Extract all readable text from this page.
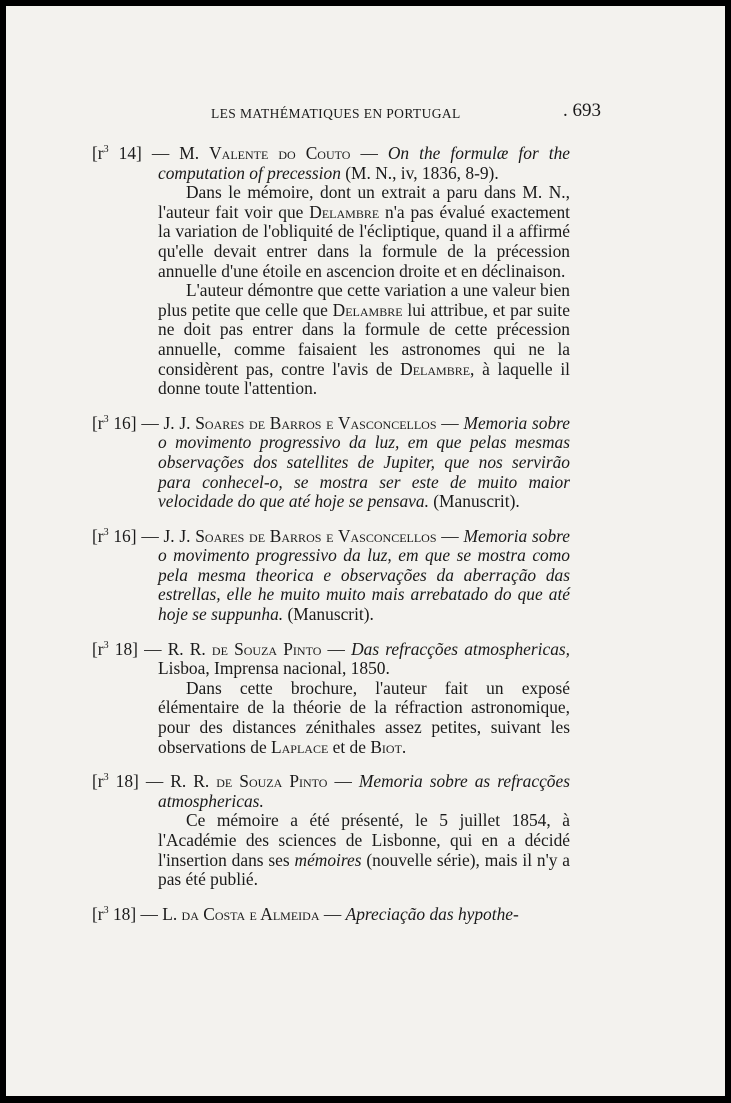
LES MATHÉMATIQUES EN PORTUGAL	. 693
[$r^3$ 14] — M. Valente do Couto — On the formulæ for the computation of precession (M. N., iv, 1836, 8-9).
Dans le mémoire, dont un extrait a paru dans M. N., l'auteur fait voir que Delambre n'a pas évalué exactement la variation de l'obliquité de l'écliptique, quand il a affirmé qu'elle devait entrer dans la formule de la précession annuelle d'une étoile en ascencion droite et en déclinaison.
L'auteur démontre que cette variation a une valeur bien plus petite que celle que Delambre lui attribue, et par suite ne doit pas entrer dans la formule de cette précession annuelle, comme faisaient les astronomes qui ne la considèrent pas, contre l'avis de Delambre, à laquelle il donne toute l'attention.
[$r^3$ 16] — J. J. Soares de Barros e Vasconcellos — Memoria sobre o movimento progressivo da luz, em que pelas mesmas observações dos satellites de Jupiter, que nos servirão para conhecel-o, se mostra ser este de muito maior velocidade do que até hoje se pensava. (Manuscrit).
[$r^3$ 16] — J. J. Soares de Barros e Vasconcellos — Memoria sobre o movimento progressivo da luz, em que se mostra como pela mesma theorica e observações da aberração das estrellas, elle he muito muito mais arrebatado do que até hoje se suppunha. (Manuscrit).
[$r^3$ 18] — R. R. de Souza Pinto — Das refracções atmosphericas, Lisboa, Imprensa nacional, 1850.
Dans cette brochure, l'auteur fait un exposé élémentaire de la théorie de la réfraction astronomique, pour des distances zénithales assez petites, suivant les observations de Laplace et de Biot.
[$r^3$ 18] — R. R. de Souza Pinto — Memoria sobre as refracções atmosphericas.
Ce mémoire a été présenté, le 5 juillet 1854, à l'Académie des sciences de Lisbonne, qui en a décidé l'insertion dans ses mémoires (nouvelle série), mais il n'y a pas été publié.
[$r^3$ 18] — L. da Costa e Almeida — Apreciação das hypothe-
